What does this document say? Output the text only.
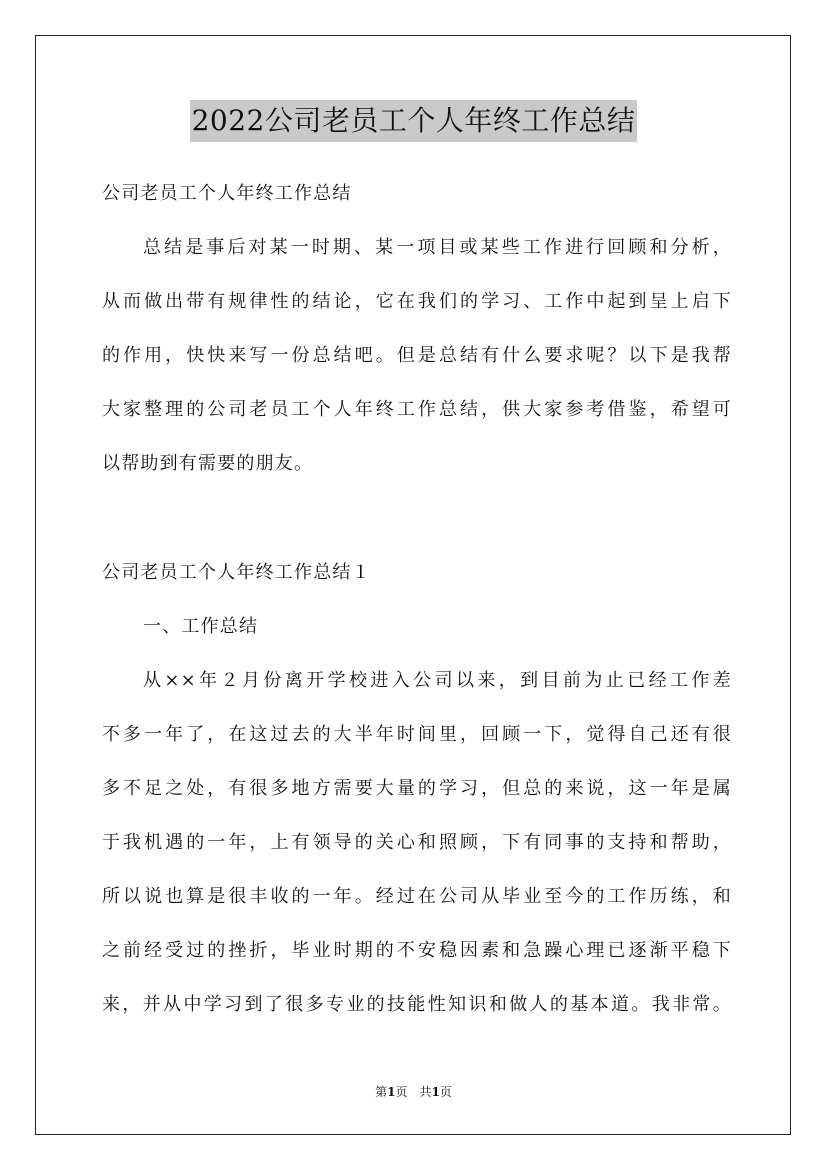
2022公司老员工个人年终工作总结
公司老员工个人年终工作总结
总结是事后对某一时期、某一项目或某些工作进行回顾和分析，
从而做出带有规律性的结论，它在我们的学习、工作中起到呈上启下
的作用，快快来写一份总结吧。但是总结有什么要求呢？以下是我帮
大家整理的公司老员工个人年终工作总结，供大家参考借鉴，希望可
以帮助到有需要的朋友。
公司老员工个人年终工作总结１
一、工作总结
从××年２月份离开学校进入公司以来，到目前为止已经工作差
不多一年了，在这过去的大半年时间里，回顾一下，觉得自己还有很
多不足之处，有很多地方需要大量的学习，但总的来说，这一年是属
于我机遇的一年，上有领导的关心和照顾，下有同事的支持和帮助，
所以说也算是很丰收的一年。经过在公司从毕业至今的工作历练，和
之前经受过的挫折，毕业时期的不安稳因素和急躁心理已逐渐平稳下
来，并从中学习到了很多专业的技能性知识和做人的基本道。我非常。
第1页　共1页
